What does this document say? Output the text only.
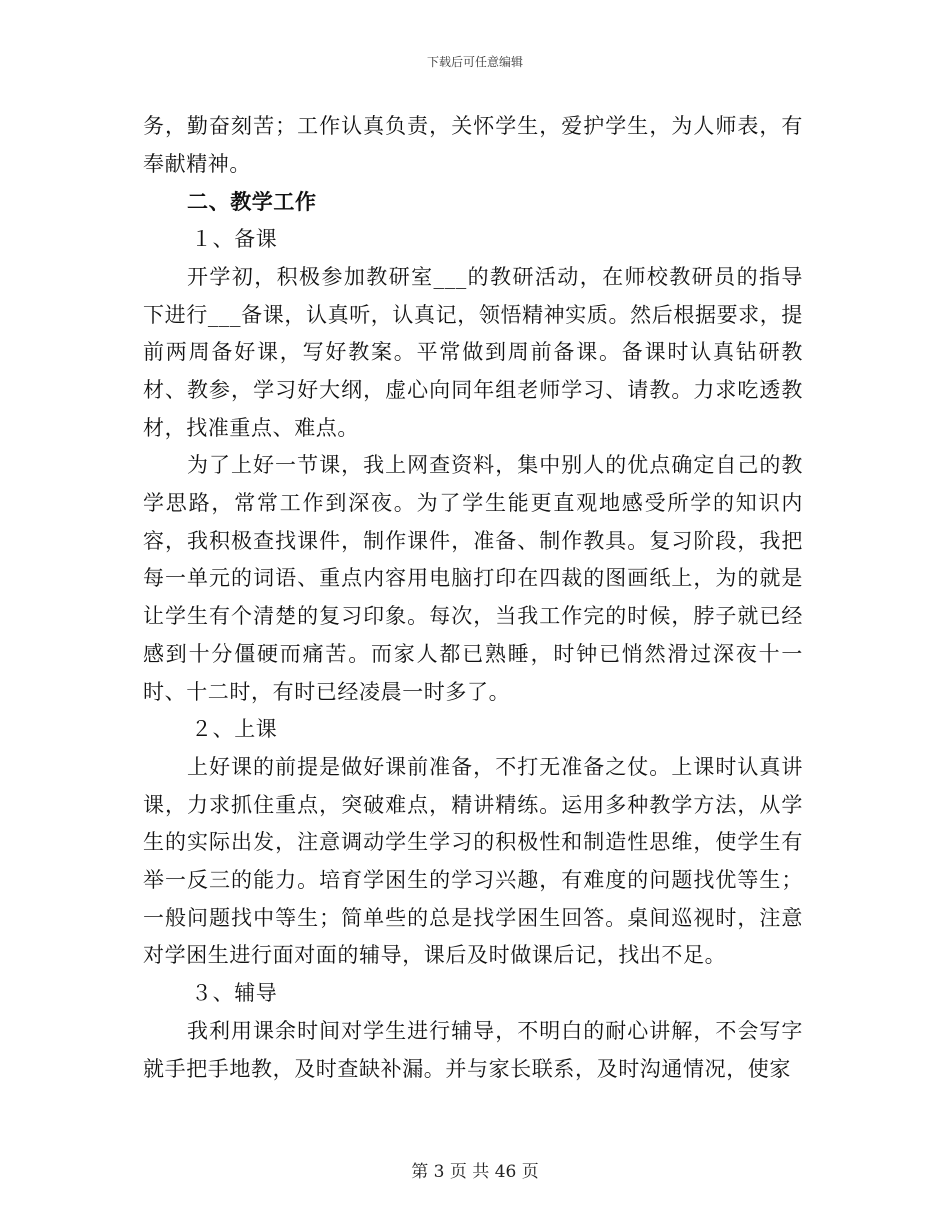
下载后可任意编辑

务，勤奋刻苦；工作认真负责，关怀学生，爱护学生，为人师表，有奉献精神。

二、教学工作

１、备课

开学初，积极参加教研室___的教研活动，在师校教研员的指导下进行___备课，认真听，认真记，领悟精神实质。然后根据要求，提前两周备好课，写好教案。平常做到周前备课。备课时认真钻研教材、教参，学习好大纲，虚心向同年组老师学习、请教。力求吃透教材，找准重点、难点。

为了上好一节课，我上网查资料，集中别人的优点确定自己的教学思路，常常工作到深夜。为了学生能更直观地感受所学的知识内容，我积极查找课件，制作课件，准备、制作教具。复习阶段，我把每一单元的词语、重点内容用电脑打印在四裁的图画纸上，为的就是让学生有个清楚的复习印象。每次，当我工作完的时候，脖子就已经感到十分僵硬而痛苦。而家人都已熟睡，时钟已悄然滑过深夜十一时、十二时，有时已经凌晨一时多了。

２、上课

上好课的前提是做好课前准备，不打无准备之仗。上课时认真讲课，力求抓住重点，突破难点，精讲精练。运用多种教学方法，从学生的实际出发，注意调动学生学习的积极性和制造性思维，使学生有举一反三的能力。培育学困生的学习兴趣，有难度的问题找优等生；一般问题找中等生；简单些的总是找学困生回答。桌间巡视时，注意对学困生进行面对面的辅导，课后及时做课后记，找出不足。

３、辅导

我利用课余时间对学生进行辅导，不明白的耐心讲解，不会写字就手把手地教，及时查缺补漏。并与家长联系，及时沟通情况，使家

第 3 页 共 46 页
